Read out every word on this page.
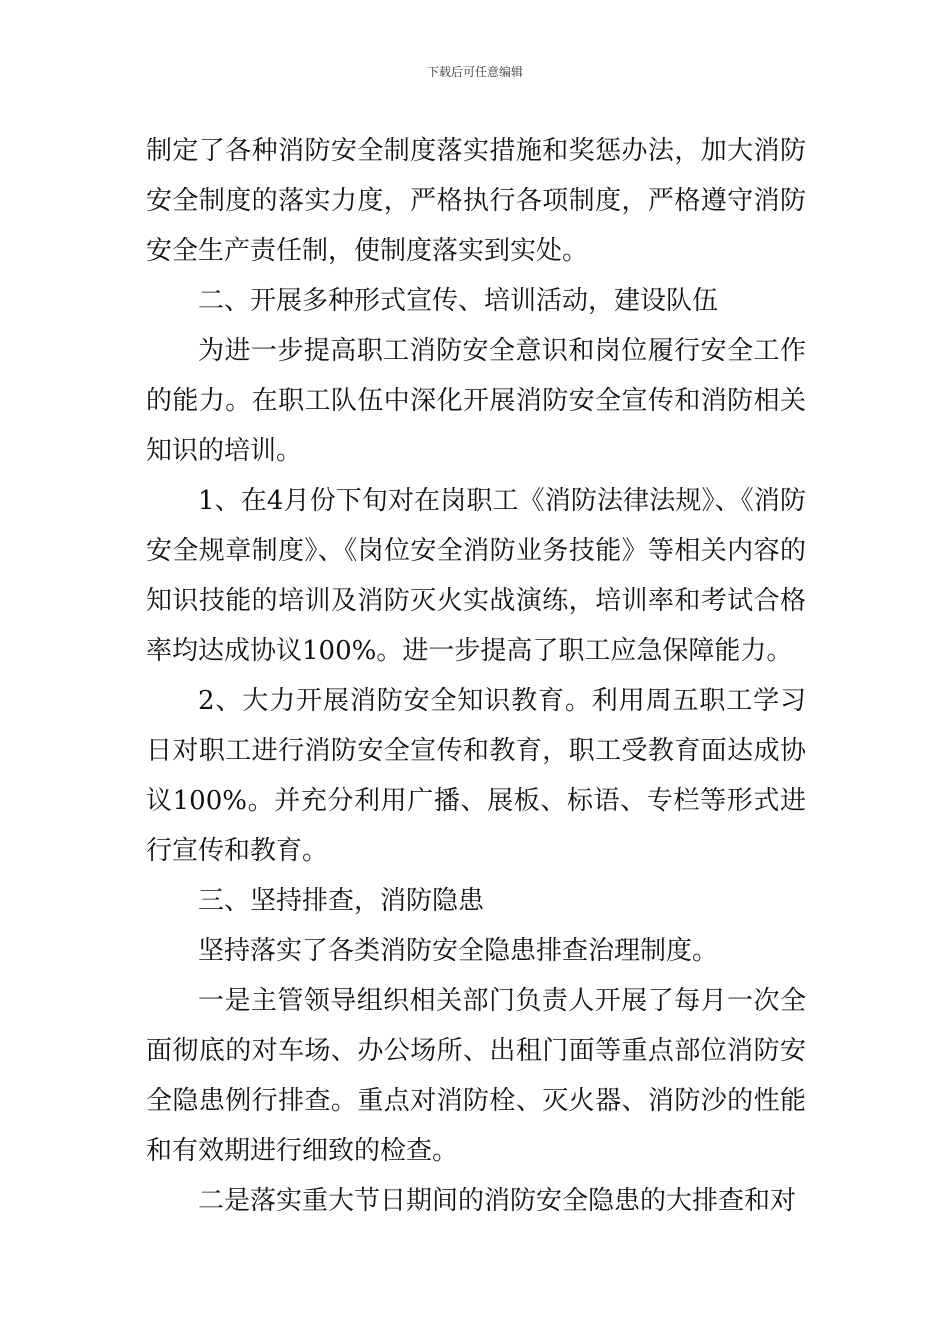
下载后可任意编辑

制定了各种消防安全制度落实措施和奖惩办法，加大消防安全制度的落实力度，严格执行各项制度，严格遵守消防安全生产责任制，使制度落实到实处。

二、开展多种形式宣传、培训活动，建设队伍

为进一步提高职工消防安全意识和岗位履行安全工作的能力。在职工队伍中深化开展消防安全宣传和消防相关知识的培训。

1、在4月份下旬对在岗职工《消防法律法规》、《消防安全规章制度》、《岗位安全消防业务技能》等相关内容的知识技能的培训及消防灭火实战演练，培训率和考试合格率均达成协议100%。进一步提高了职工应急保障能力。

2、大力开展消防安全知识教育。利用周五职工学习日对职工进行消防安全宣传和教育，职工受教育面达成协议100%。并充分利用广播、展板、标语、专栏等形式进行宣传和教育。

三、坚持排查，消防隐患

坚持落实了各类消防安全隐患排查治理制度。

一是主管领导组织相关部门负责人开展了每月一次全面彻底的对车场、办公场所、出租门面等重点部位消防安全隐患例行排查。重点对消防栓、灭火器、消防沙的性能和有效期进行细致的检查。

二是落实重大节日期间的消防安全隐患的大排查和对
